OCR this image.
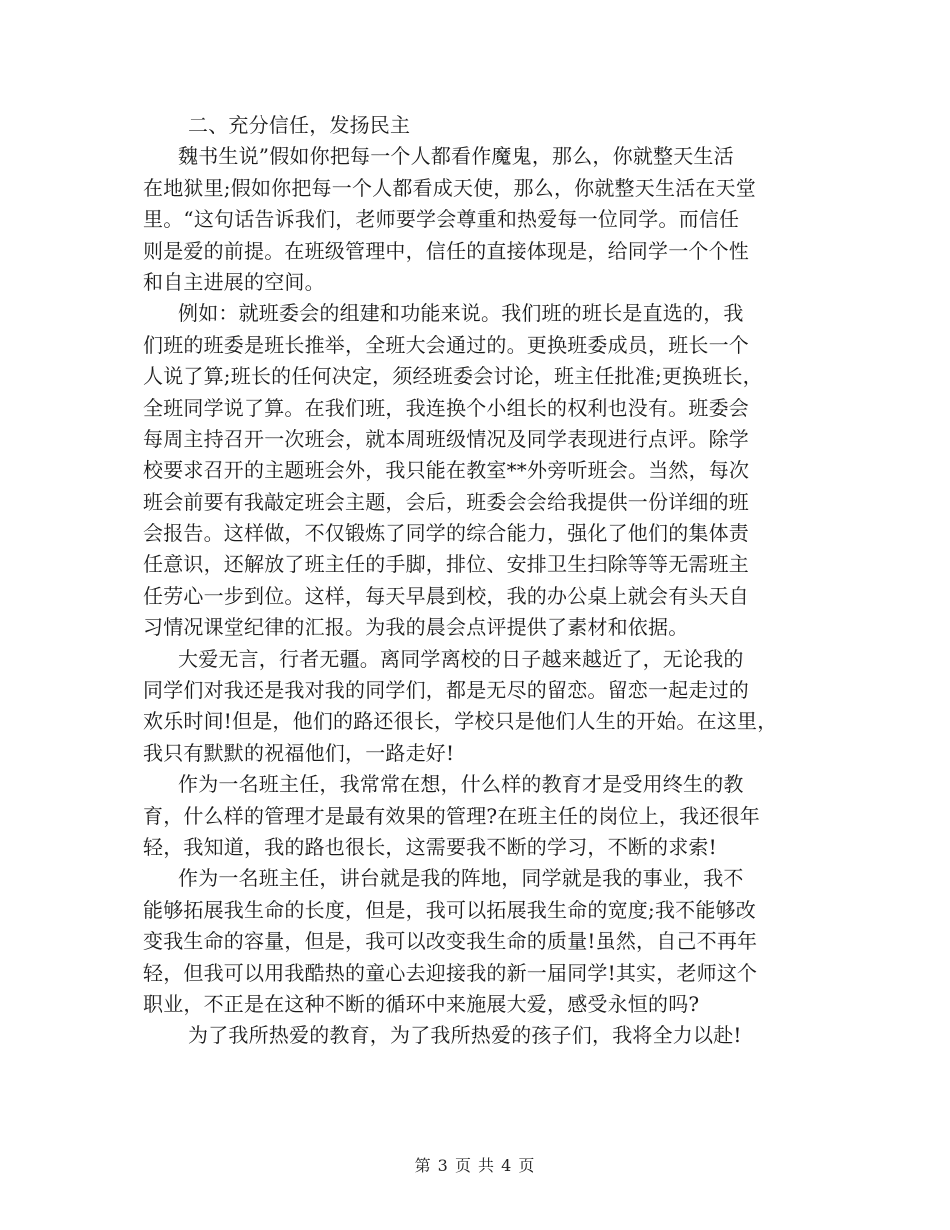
二、充分信任，发扬民主

魏书生说”假如你把每一个人都看作魔鬼，那么，你就整天生活
在地狱里;假如你把每一个人都看成天使，那么，你就整天生活在天堂
里。“这句话告诉我们，老师要学会尊重和热爱每一位同学。而信任
则是爱的前提。在班级管理中，信任的直接体现是，给同学一个个性
和自主进展的空间。
例如：就班委会的组建和功能来说。我们班的班长是直选的，我
们班的班委是班长推举，全班大会通过的。更换班委成员，班长一个
人说了算;班长的任何决定，须经班委会讨论，班主任批准;更换班长，
全班同学说了算。在我们班，我连换个小组长的权利也没有。班委会
每周主持召开一次班会，就本周班级情况及同学表现进行点评。除学
校要求召开的主题班会外，我只能在教室**外旁听班会。当然，每次
班会前要有我敲定班会主题，会后，班委会会给我提供一份详细的班
会报告。这样做，不仅锻炼了同学的综合能力，强化了他们的集体责
任意识，还解放了班主任的手脚，排位、安排卫生扫除等等无需班主
任劳心一步到位。这样，每天早晨到校，我的办公桌上就会有头天自
习情况课堂纪律的汇报。为我的晨会点评提供了素材和依据。
大爱无言，行者无疆。离同学离校的日子越来越近了，无论我的
同学们对我还是我对我的同学们，都是无尽的留恋。留恋一起走过的
欢乐时间!但是，他们的路还很长，学校只是他们人生的开始。在这里，
我只有默默的祝福他们，一路走好!
作为一名班主任，我常常在想，什么样的教育才是受用终生的教
育，什么样的管理才是最有效果的管理?在班主任的岗位上，我还很年
轻，我知道，我的路也很长，这需要我不断的学习，不断的求索!
作为一名班主任，讲台就是我的阵地，同学就是我的事业，我不
能够拓展我生命的长度，但是，我可以拓展我生命的宽度;我不能够改
变我生命的容量，但是，我可以改变我生命的质量!虽然，自己不再年
轻，但我可以用我酷热的童心去迎接我的新一届同学!其实，老师这个
职业，不正是在这种不断的循环中来施展大爱，感受永恒的吗?
为了我所热爱的教育，为了我所热爱的孩子们，我将全力以赴!
第 3 页 共 4 页
